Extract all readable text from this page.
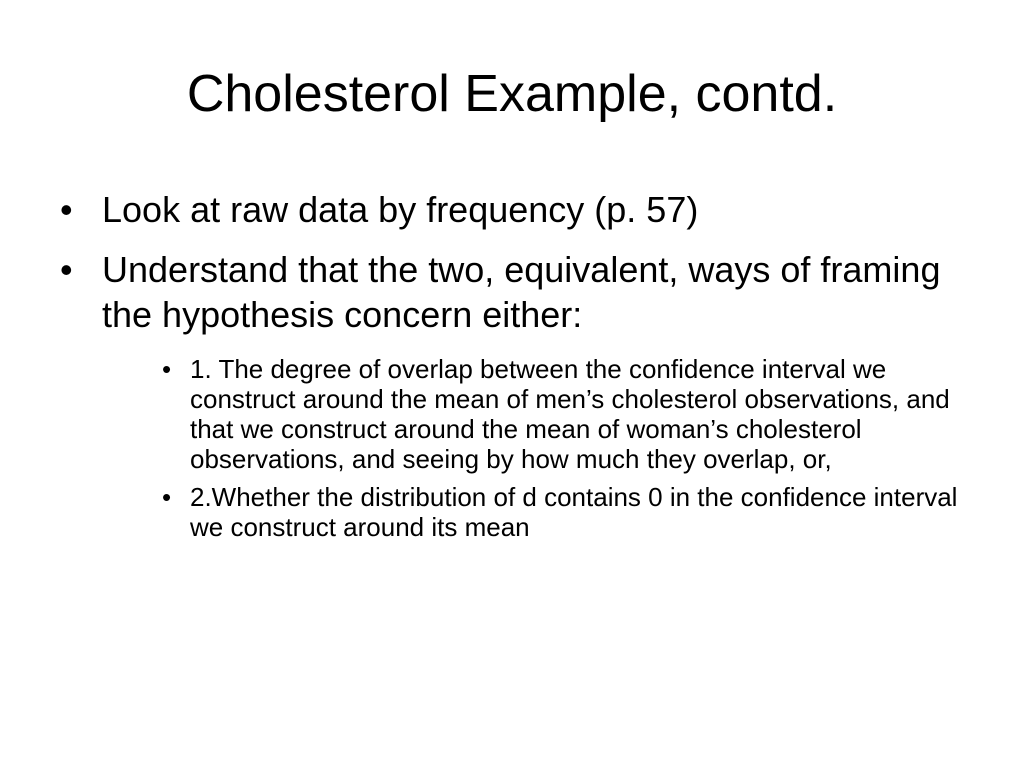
Cholesterol Example, contd.
• Look at raw data by frequency (p. 57)
• Understand that the two, equivalent, ways of framing the hypothesis concern either:
• 1. The degree of overlap between the confidence interval we construct around the mean of men’s cholesterol observations, and that we construct around the mean of woman’s cholesterol observations, and seeing by how much they overlap, or,
• 2.Whether the distribution of d contains 0 in the confidence interval we construct around its mean
